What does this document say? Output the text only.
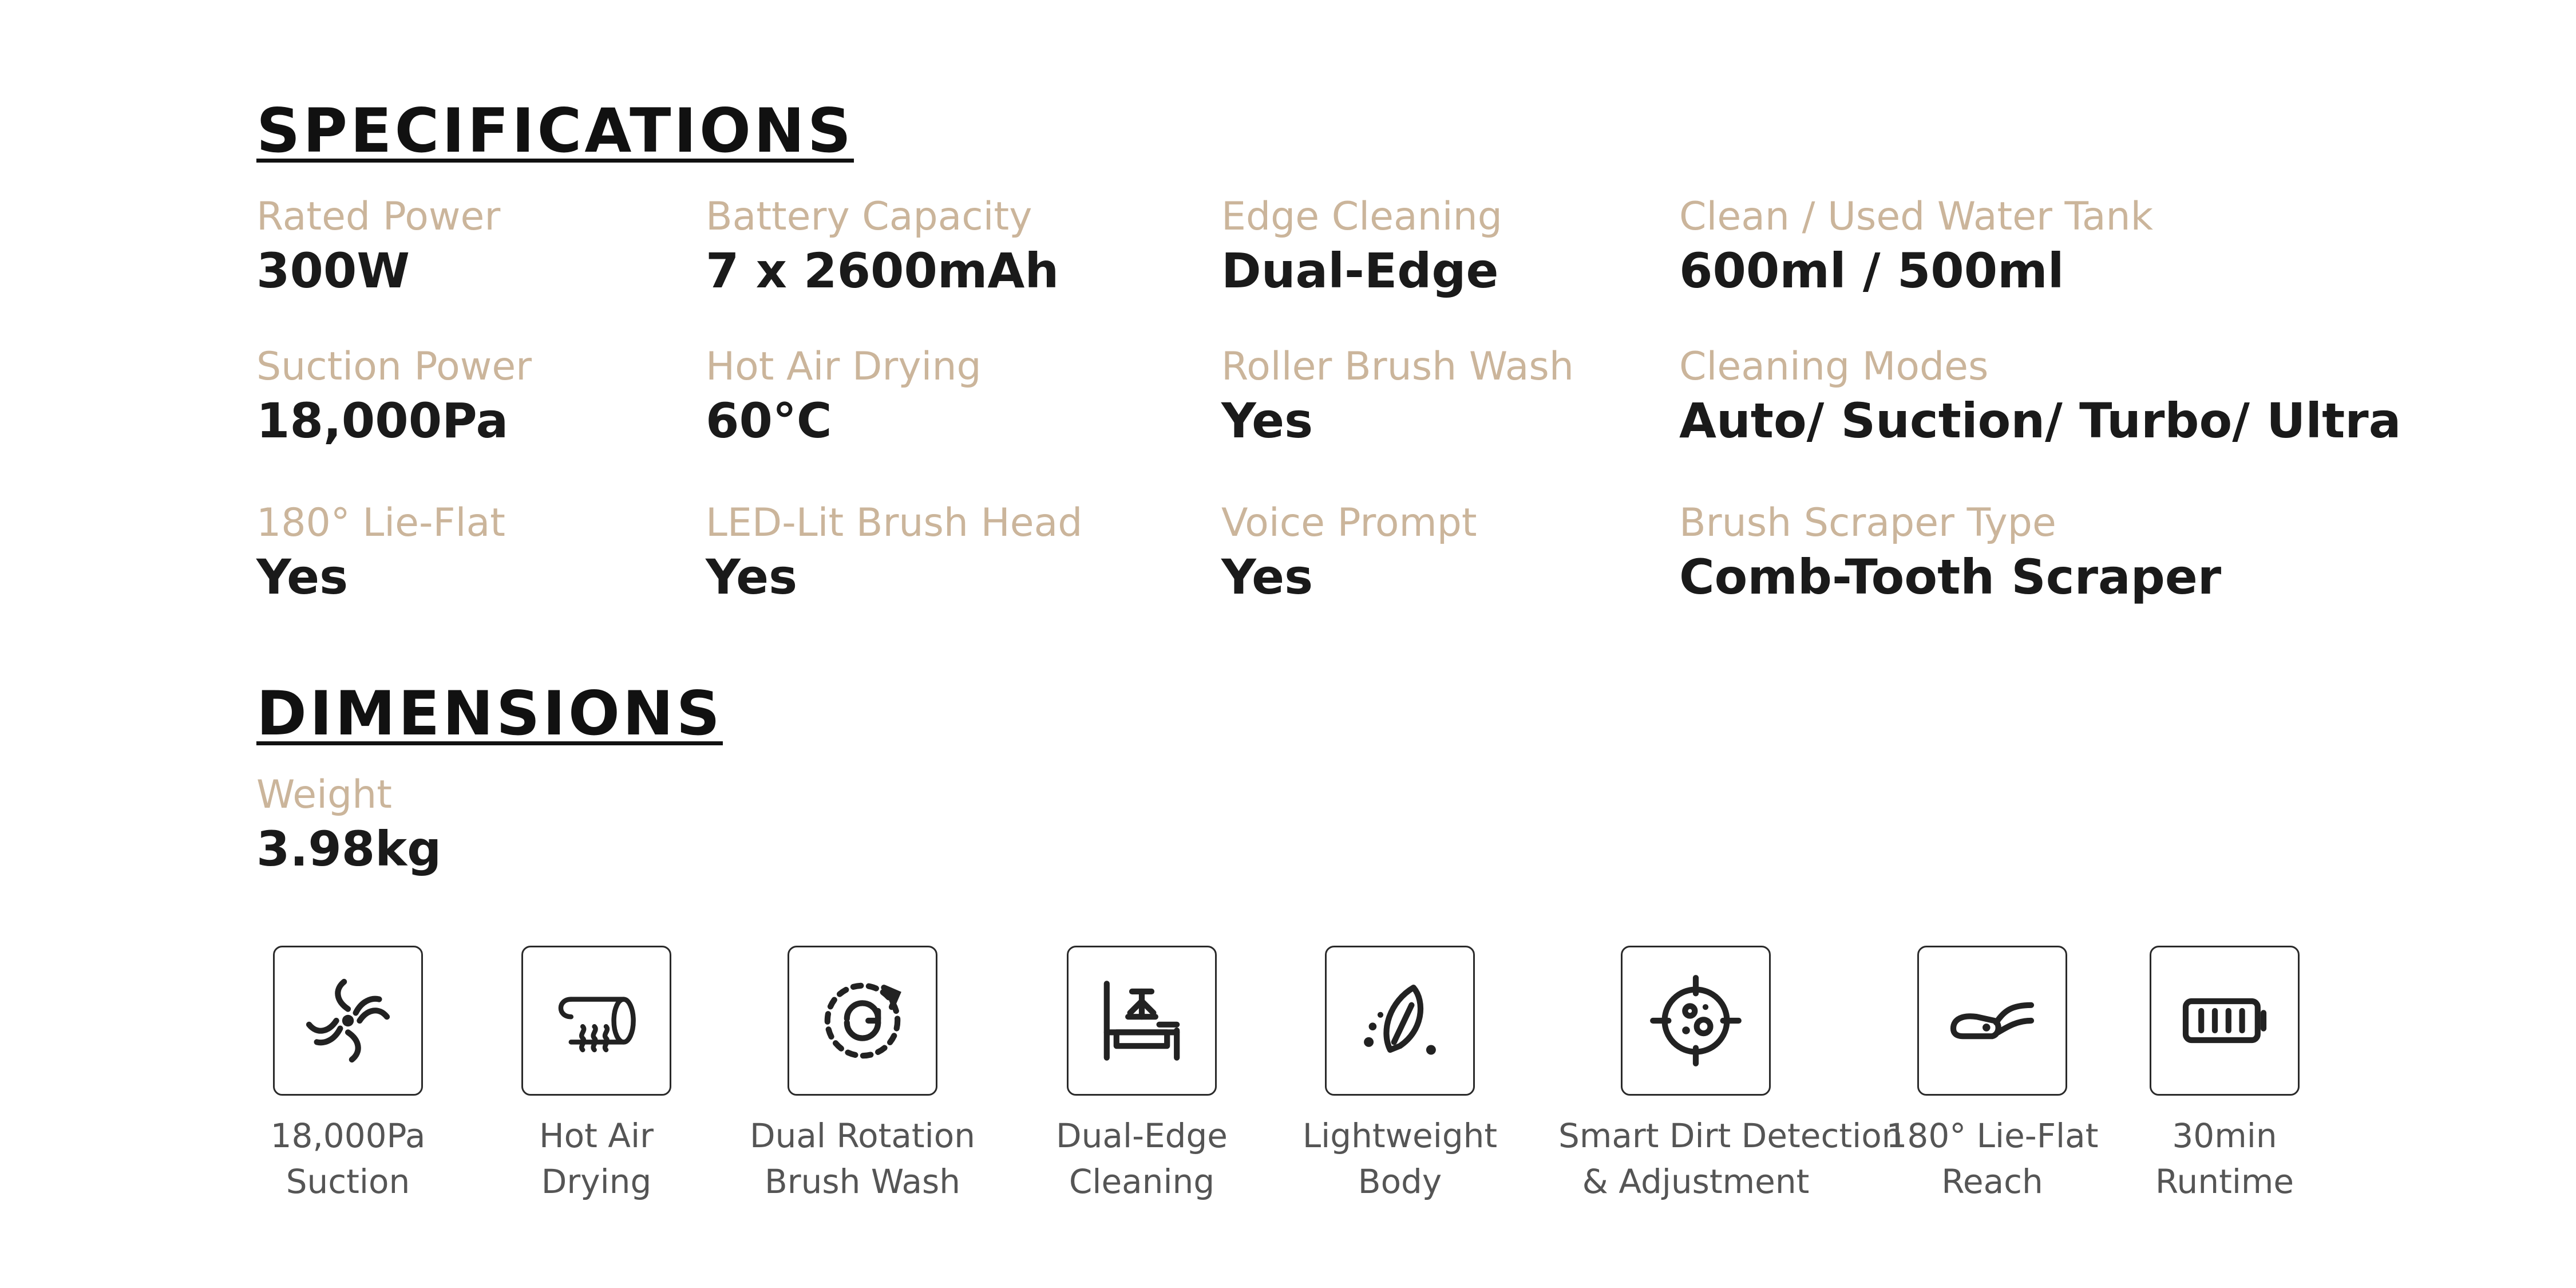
SPECIFICATIONS
Rated Power
300W
Battery Capacity
7 x 2600mAh
Edge Cleaning
Dual-Edge
Clean / Used Water Tank
600ml / 500ml
Suction Power
18,000Pa
Hot Air Drying
60°C
Roller Brush Wash
Yes
Cleaning Modes
Auto/ Suction/ Turbo/ Ultra
180° Lie-Flat
Yes
LED-Lit Brush Head
Yes
Voice Prompt
Yes
Brush Scraper Type
Comb-Tooth Scraper
DIMENSIONS
Weight
3.98kg
18,000Pa
Suction
Hot Air
Drying
Dual Rotation
Brush Wash
Dual-Edge
Cleaning
Lightweight
Body
Smart Dirt Detection
& Adjustment
180° Lie-Flat
Reach
30min
Runtime
